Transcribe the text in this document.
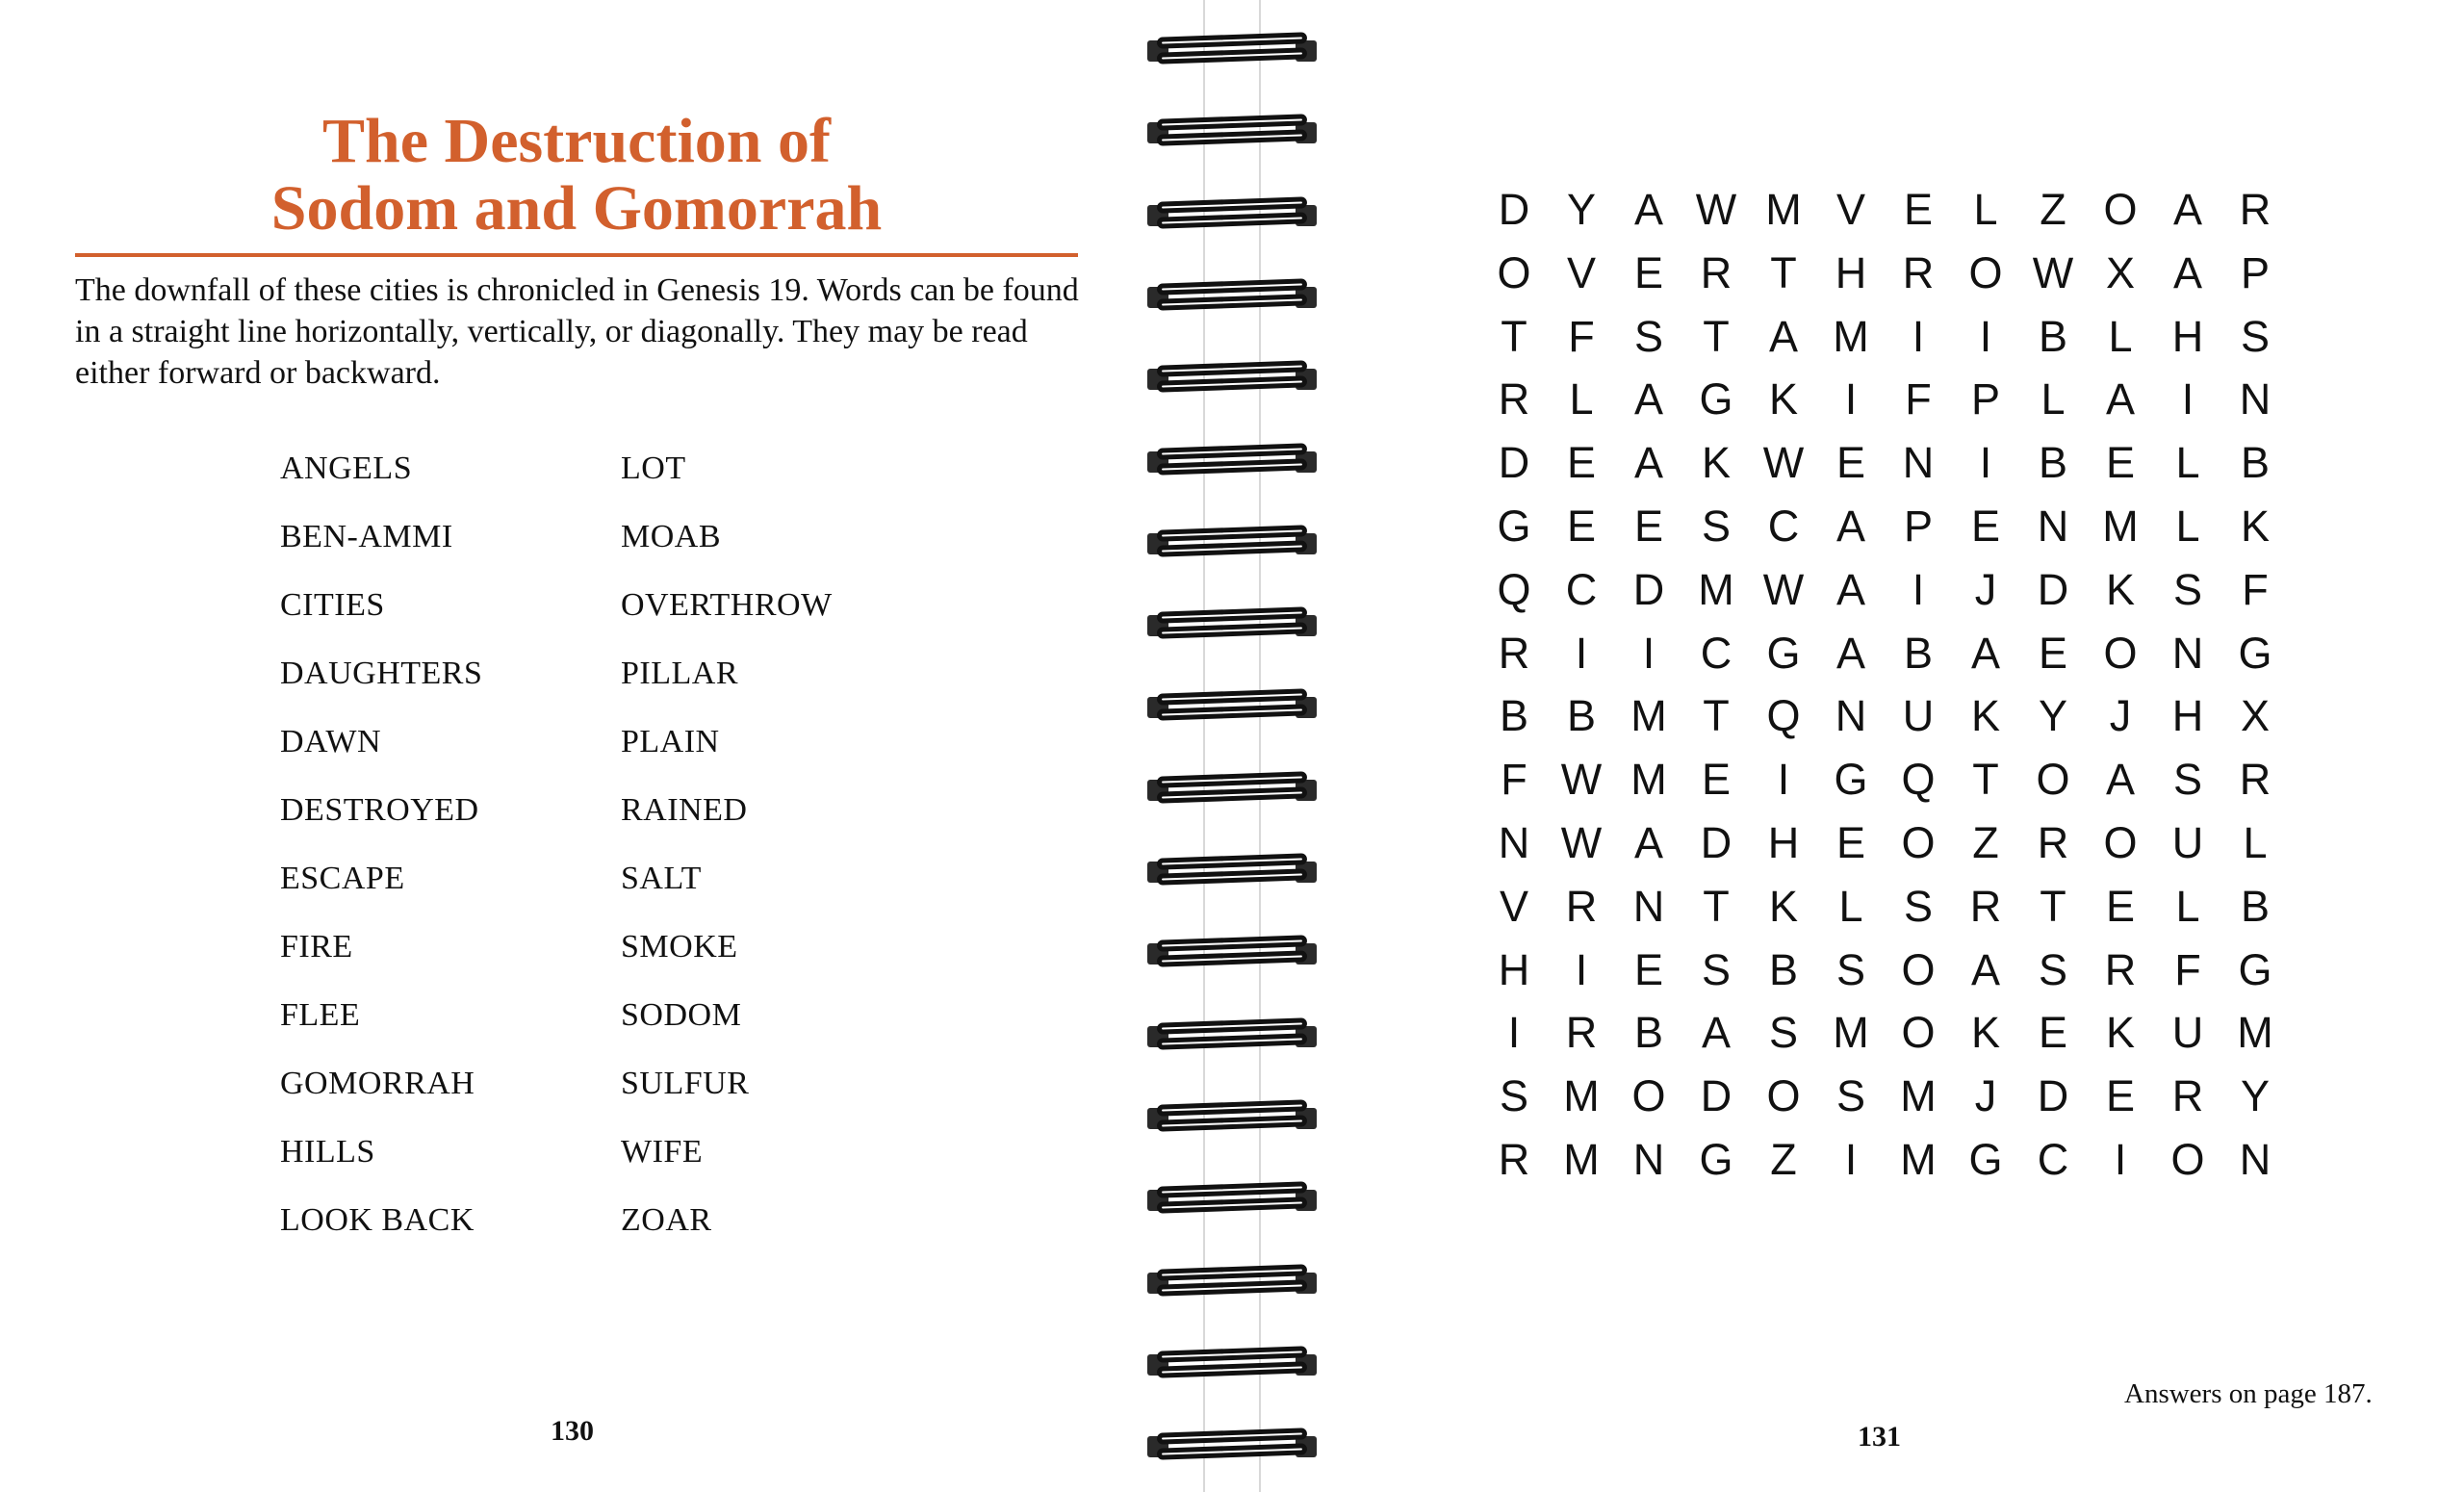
The Destruction of
Sodom and Gomorrah
The downfall of these cities is chronicled in Genesis 19. Words can be found in a straight line horizontally, vertically, or diagonally. They may be read either forward or backward.
ANGELS
BEN-AMMI
CITIES
DAUGHTERS
DAWN
DESTROYED
ESCAPE
FIRE
FLEE
GOMORRAH
HILLS
LOOK BACK
LOT
MOAB
OVERTHROW
PILLAR
PLAIN
RAINED
SALT
SMOKE
SODOM
SULFUR
WIFE
ZOAR
130
D Y A W M V E L Z O A R
O V E R T H R O W X A P
T F S T A M I	I	B L H S
R L A G K	I	F P L A	I	N
D E A K W E N	I	B E L B
G E E S C A P E N M L K
Q C D M W A	I	J D K S F
R	I	I	C G A B A E O N G
B B M T Q N U K Y J H X
F W M E	I	G Q T O A S R
N W A D H E O Z R O U L
V R N T K L S R T E L B
H	I	E S B S O A S R F G
I	R B A S M O K E K U M
S M O D O S M J D E R Y
R M N G Z	I	M G C	I	O N
Answers on page 187.
131
